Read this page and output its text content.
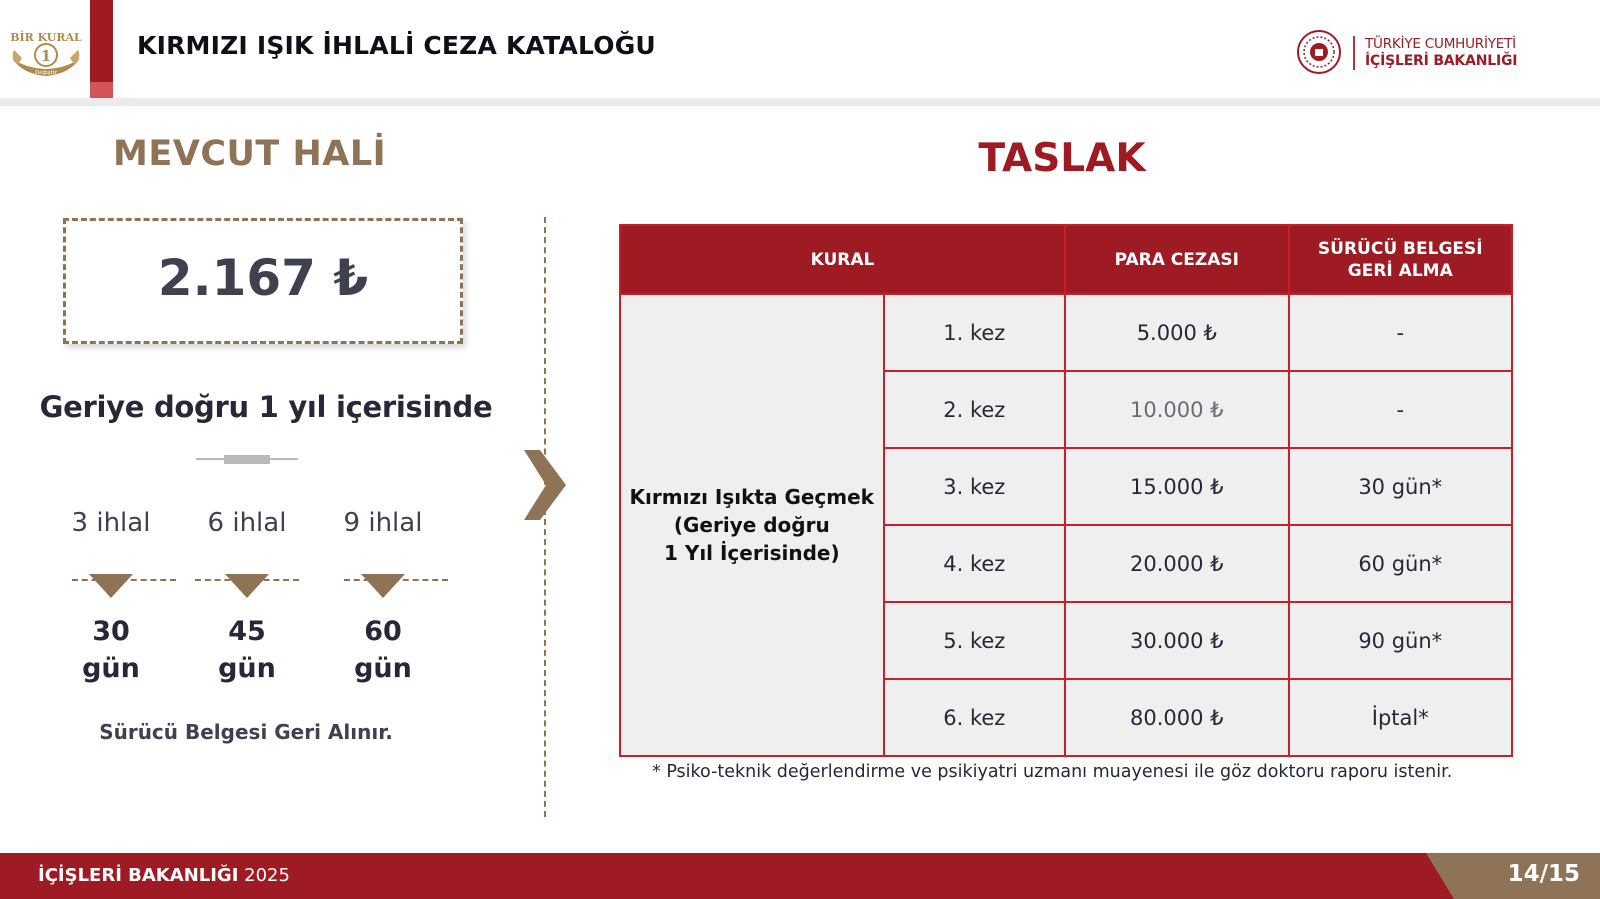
1
BİR KURAL
Değiştir
KIRMIZI IŞIK İHLALİ CEZA KATALOĞU	TÜRKİYE CUMHURİYETİ
İÇİŞLERİ BAKANLIĞI
MEVCUT HALİ
2.167 ₺
Geriye doğru 1 yıl içerisinde
3 ihlal
30
gün
6 ihlal
45
gün
9 ihlal
60
gün
Sürücü Belgesi Geri Alınır.
TASLAK
KURAL		PARA CEZASI	SÜRÜCÜ BELGESİ
GERİ ALMA
Kırmızı Işıkta Geçmek
(Geriye doğru
1 Yıl İçerisinde)	1. kez	5.000 ₺	-
	2. kez	10.000 ₺	-
	3. kez	15.000 ₺	30 gün*
	4. kez	20.000 ₺	60 gün*
	5. kez	30.000 ₺	90 gün*
	6. kez	80.000 ₺	İptal*
* Psiko-teknik değerlendirme ve psikiyatri uzmanı muayenesi ile göz doktoru raporu istenir.
İÇİŞLERİ BAKANLIĞI 2025	14/15
